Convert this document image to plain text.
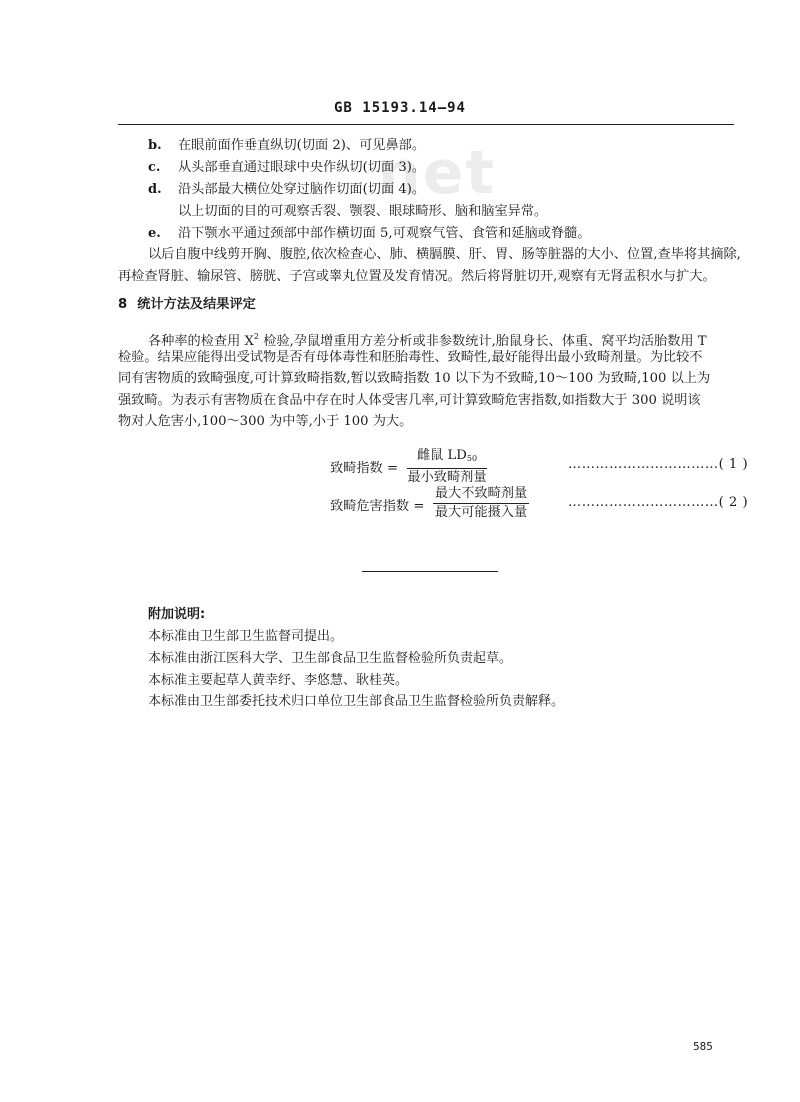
net
GB 15193.14—94
b. 在眼前面作垂直纵切(切面 2)、可见鼻部。
c. 从头部垂直通过眼球中央作纵切(切面 3)。
d. 沿头部最大横位处穿过脑作切面(切面 4)。
以上切面的目的可观察舌裂、颚裂、眼球畸形、脑和脑室异常。
e. 沿下颚水平通过颈部中部作横切面 5,可观察气管、食管和延脑或脊髓。
以后自腹中线剪开胸、腹腔,依次检查心、肺、横膈膜、肝、胃、肠等脏器的大小、位置,查毕将其摘除,
再检查肾脏、输尿管、膀胱、子宫或睾丸位置及发育情况。然后将肾脏切开,观察有无肾盂积水与扩大。
8 统计方法及结果评定
各种率的检查用 $X^2$ 检验,孕鼠增重用方差分析或非参数统计,胎鼠身长、体重、窝平均活胎数用 T
检验。结果应能得出受试物是否有母体毒性和胚胎毒性、致畸性,最好能得出最小致畸剂量。为比较不
同有害物质的致畸强度,可计算致畸指数,暂以致畸指数 10 以下为不致畸,10～100 为致畸,100 以上为
强致畸。为表示有害物质在食品中存在时人体受害几率,可计算致畸危害指数,如指数大于 300 说明该
物对人危害小,100～300 为中等,小于 100 为大。
致畸指数 =
雌鼠 $LD_{50}$
最小致畸剂量
……………………………( 1 )
致畸危害指数 =
最大不致畸剂量
最大可能摄入量
……………………………( 2 )
附加说明:
本标准由卫生部卫生监督司提出。
本标准由浙江医科大学、卫生部食品卫生监督检验所负责起草。
本标准主要起草人黄幸纾、李悠慧、耿桂英。
本标准由卫生部委托技术归口单位卫生部食品卫生监督检验所负责解释。
585
